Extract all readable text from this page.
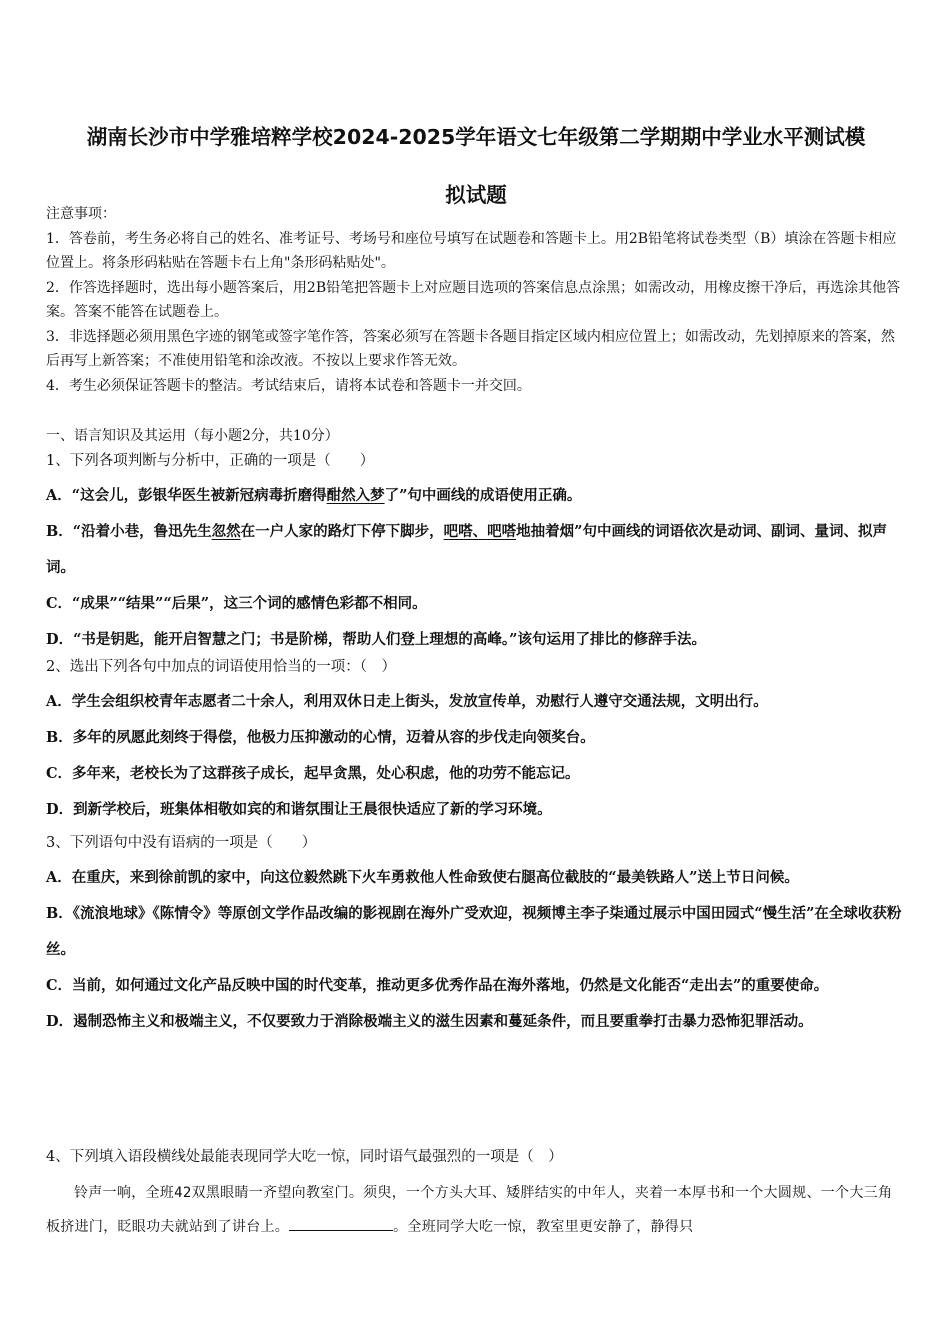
湖南长沙市中学雅培粹学校2024-2025学年语文七年级第二学期期中学业水平测试模
拟试题

注意事项：

1．答卷前，考生务必将自己的姓名、准考证号、考场号和座位号填写在试题卷和答题卡上。用2B铅笔将试卷类型（B）填涂在答题卡相应位置上。将条形码粘贴在答题卡右上角"条形码粘贴处"。

2．作答选择题时，选出每小题答案后，用2B铅笔把答题卡上对应题目选项的答案信息点涂黑；如需改动，用橡皮擦干净后，再选涂其他答案。答案不能答在试题卷上。

3．非选择题必须用黑色字迹的钢笔或签字笔作答，答案必须写在答题卡各题目指定区域内相应位置上；如需改动，先划掉原来的答案，然后再写上新答案；不准使用铅笔和涂改液。不按以上要求作答无效。

4．考生必须保证答题卡的整洁。考试结束后，请将本试卷和答题卡一并交回。

一、语言知识及其运用（每小题2分，共10分）

1、下列各项判断与分析中，正确的一项是（　　）

A．“这会儿，彭银华医生被新冠病毒折磨得酣然入梦了”句中画线的成语使用正确。

B．“沿着小巷，鲁迅先生忽然在一户人家的路灯下停下脚步，吧嗒、吧嗒地抽着烟”句中画线的词语依次是动词、副词、量词、拟声词。

C．“成果”“结果”“后果”，这三个词的感情色彩都不相同。

D．“书是钥匙，能开启智慧之门；书是阶梯，帮助人们登上理想的高峰。”该句运用了排比的修辞手法。

2、选出下列各句中加点的词语使用恰当的一项：（　）

A．学生会组织校青年志愿者二十余人，利用双休日走上街头，发放宣传单，劝慰行人遵守交通法规，文明出行。

B．多年的夙愿此刻终于得偿，他极力压抑激动的心情，迈着从容的步伐走向领奖台。

C．多年来，老校长为了这群孩子成长，起早贪黑，处心积虑，他的功劳不能忘记。

D．到新学校后，班集体相敬如宾的和谐氛围让王晨很快适应了新的学习环境。

3、下列语句中没有语病的一项是（　　）

A．在重庆，来到徐前凯的家中，向这位毅然跳下火车勇救他人性命致使右腿高位截肢的“最美铁路人”送上节日问候。

B．《流浪地球》《陈情令》等原创文学作品改编的影视剧在海外广受欢迎，视频博主李子柒通过展示中国田园式“慢生活”在全球收获粉丝。

C．当前，如何通过文化产品反映中国的时代变革，推动更多优秀作品在海外落地，仍然是文化能否“走出去”的重要使命。

D．遏制恐怖主义和极端主义，不仅要致力于消除极端主义的滋生因素和蔓延条件，而且要重拳打击暴力恐怖犯罪活动。

4、下列填入语段横线处最能表现同学大吃一惊，同时语气最强烈的一项是（　）

铃声一响，全班42双黑眼睛一齐望向教室门。须臾，一个方头大耳、矮胖结实的中年人，夹着一本厚书和一个大圆规、一个大三角板挤进门，眨眼功夫就站到了讲台上。	。全班同学大吃一惊，教室里更安静了，静得只
